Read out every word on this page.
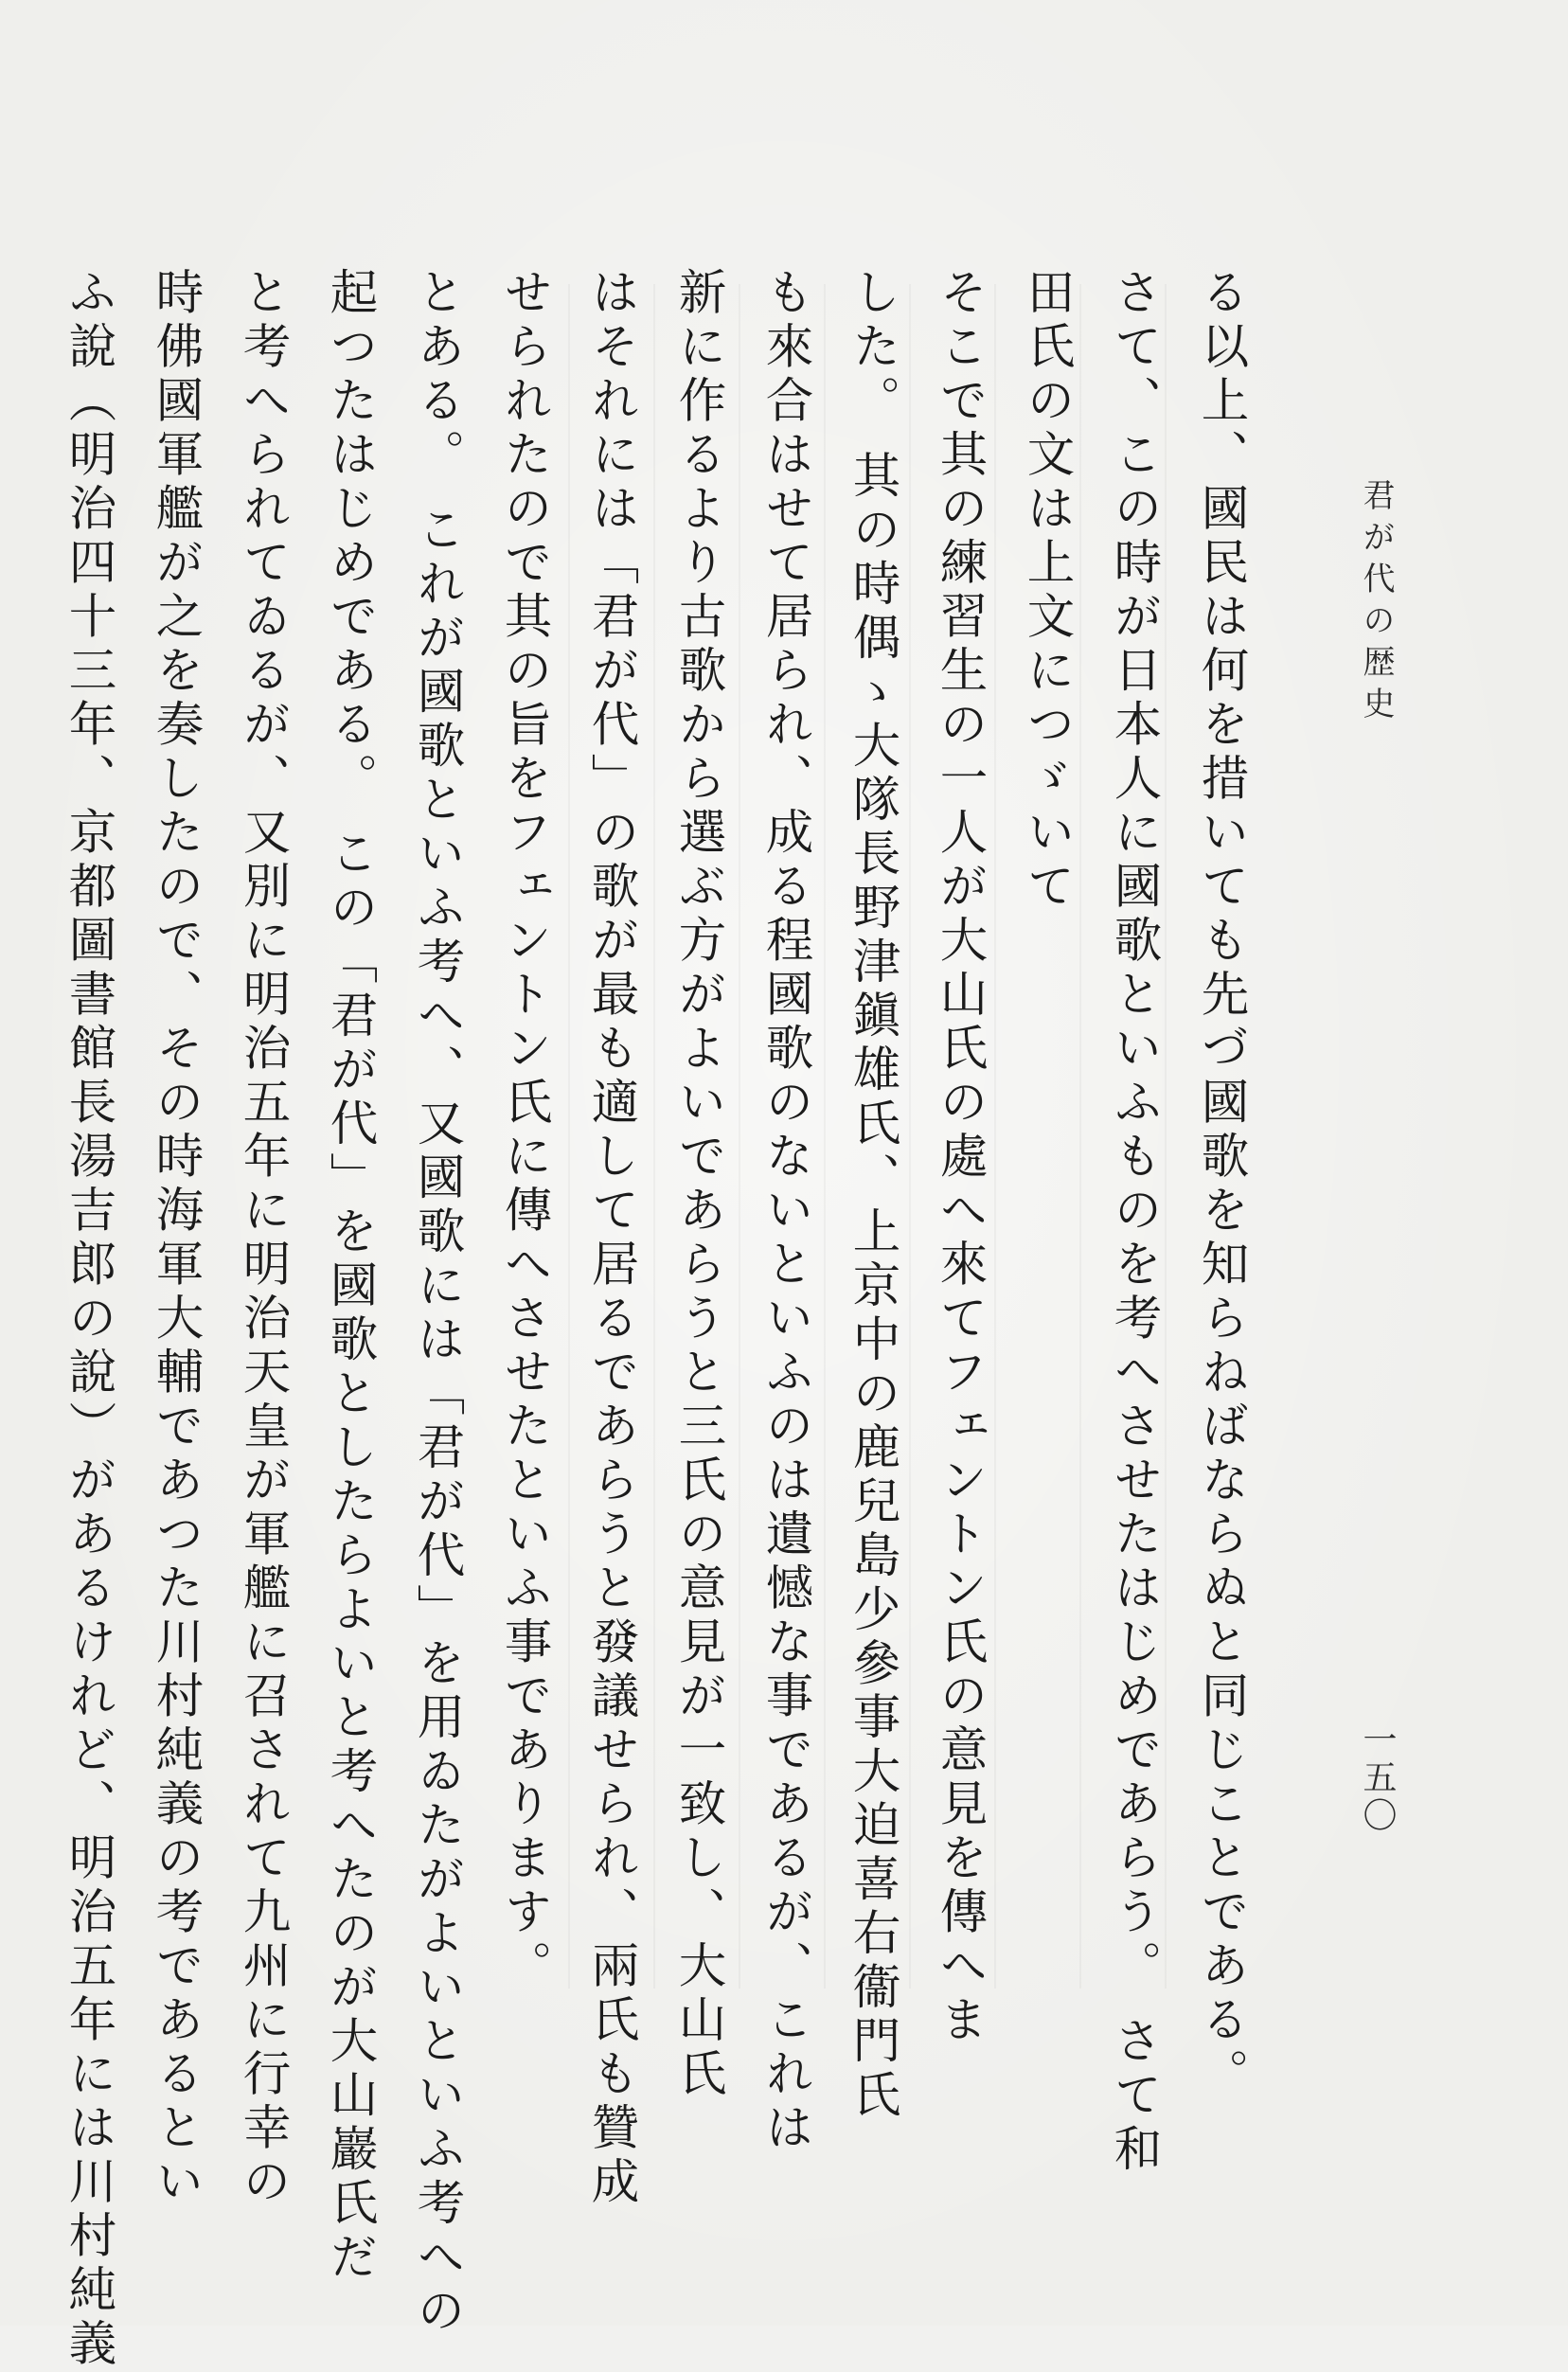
君が代の歴史
一五〇

る以上、國民は何を措いても先づ國歌を知らねばならぬと同じことである。

さて、この時が日本人に國歌といふものを考へさせたはじめであらう。 さて和

田氏の文は上文につゞいて

そこで其の練習生の一人が大山氏の處へ來てフェントン氏の意見を傳へま

した。 其の時偶ゝ大隊長野津鎭雄氏、上京中の鹿兒島少參事大迫喜右衞門氏

も來合はせて居られ、成る程國歌のないといふのは遺憾な事であるが、これは

新に作るより古歌から選ぶ方がよいであらうと三氏の意見が一致し、大山氏

はそれには「君が代」の歌が最も適して居るであらうと發議せられ、兩氏も贊成

せられたので其の旨をフェントン氏に傳へさせたといふ事であります。

とある。 これが國歌といふ考へ、又國歌には「君が代」を用ゐたがよいといふ考への

起つたはじめである。 この「君が代」を國歌としたらよいと考へたのが大山巖氏だ

と考へられてゐるが、又別に明治五年に明治天皇が軍艦に召されて九州に行幸の

時佛國軍艦が之を奏したので、その時海軍大輔であつた川村純義の考であるとい

ふ說（明治四十三年、京都圖書館長湯吉郎の說）があるけれど、明治五年には川村純義
